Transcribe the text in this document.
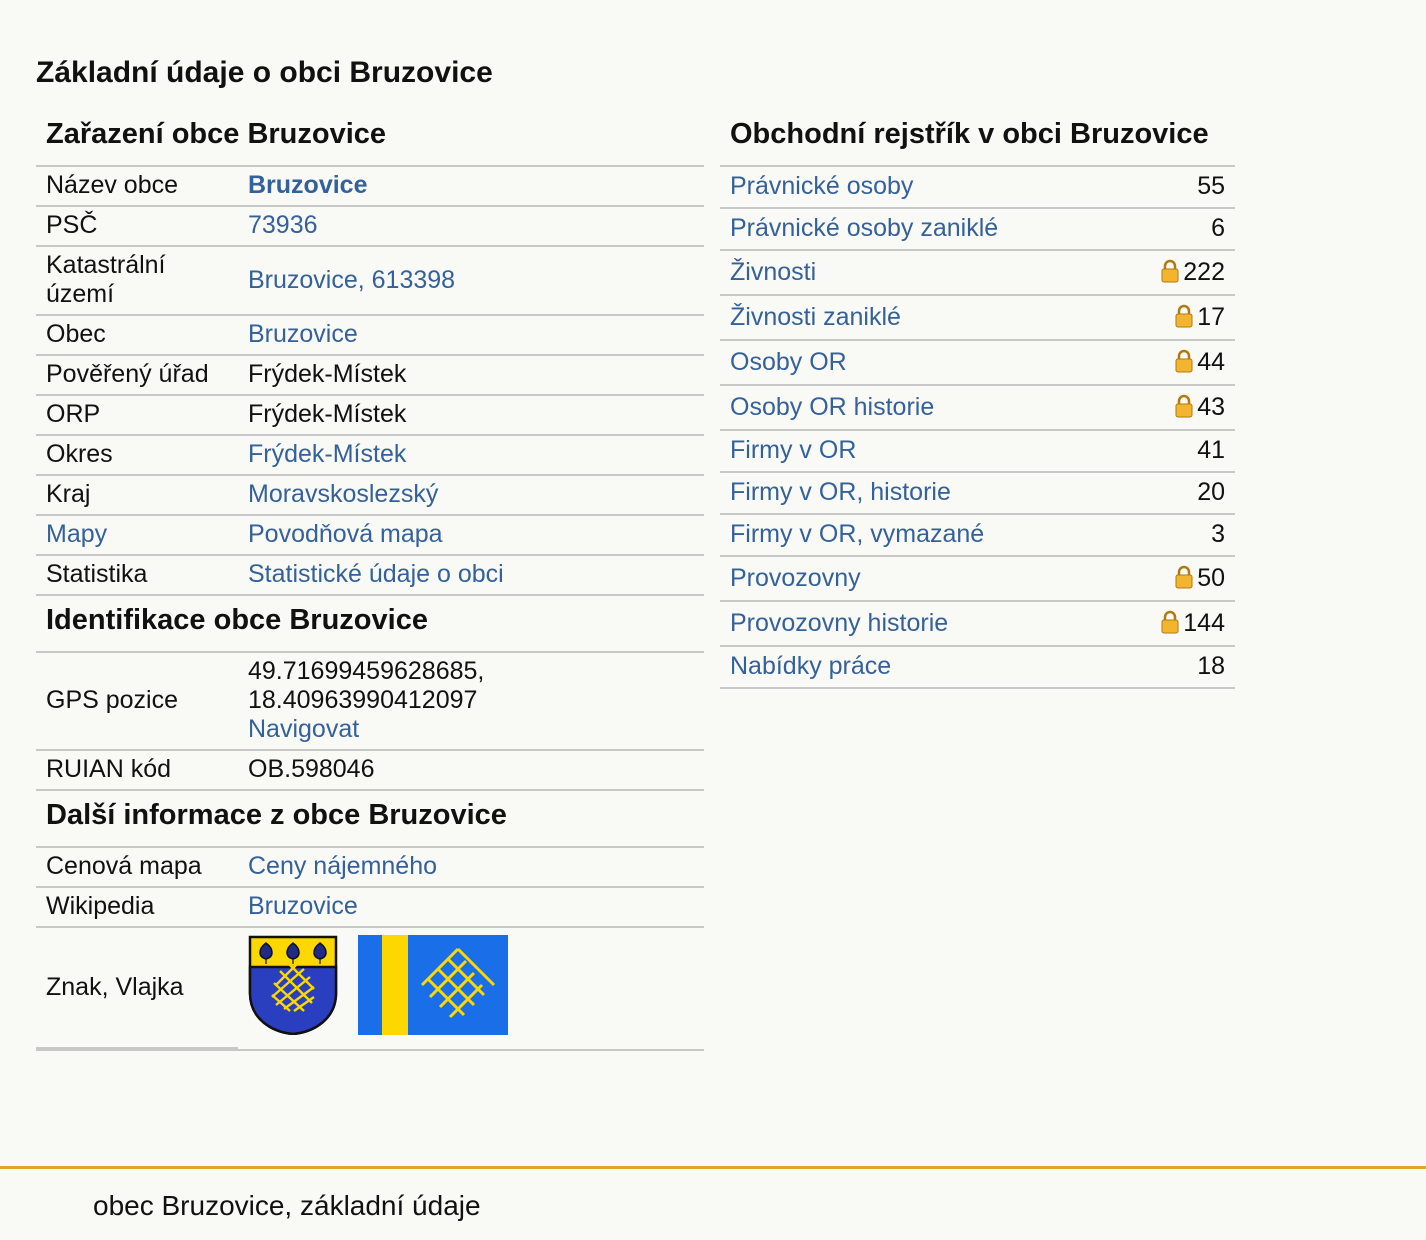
Základní údaje o obci Bruzovice
Zařazení obce Bruzovice
Název obce	Bruzovice
PSČ	73936
Katastrální území	Bruzovice, 613398
Obec	Bruzovice
Pověřený úřad	Frýdek-Místek
ORP	Frýdek-Místek
Okres	Frýdek-Místek
Kraj	Moravskoslezský
Mapy	Povodňová mapa
Statistika	Statistické údaje o obci
Identifikace obce Bruzovice
GPS pozice	49.71699459628685,
18.40963990412097
Navigovat
RUIAN kód	OB.598046
Další informace z obce Bruzovice
Cenová mapa	Ceny nájemného
Wikipedia	Bruzovice
Znak, Vlajka	

Obchodní rejstřík v obci Bruzovice
Právnické osoby	55
Právnické osoby zaniklé	6
Živnosti	222
Živnosti zaniklé	17
Osoby OR	44
Osoby OR historie	43
Firmy v OR	41
Firmy v OR, historie	20
Firmy v OR, vymazané	3
Provozovny	50
Provozovny historie	144
Nabídky práce	18
obec Bruzovice, základní údaje
